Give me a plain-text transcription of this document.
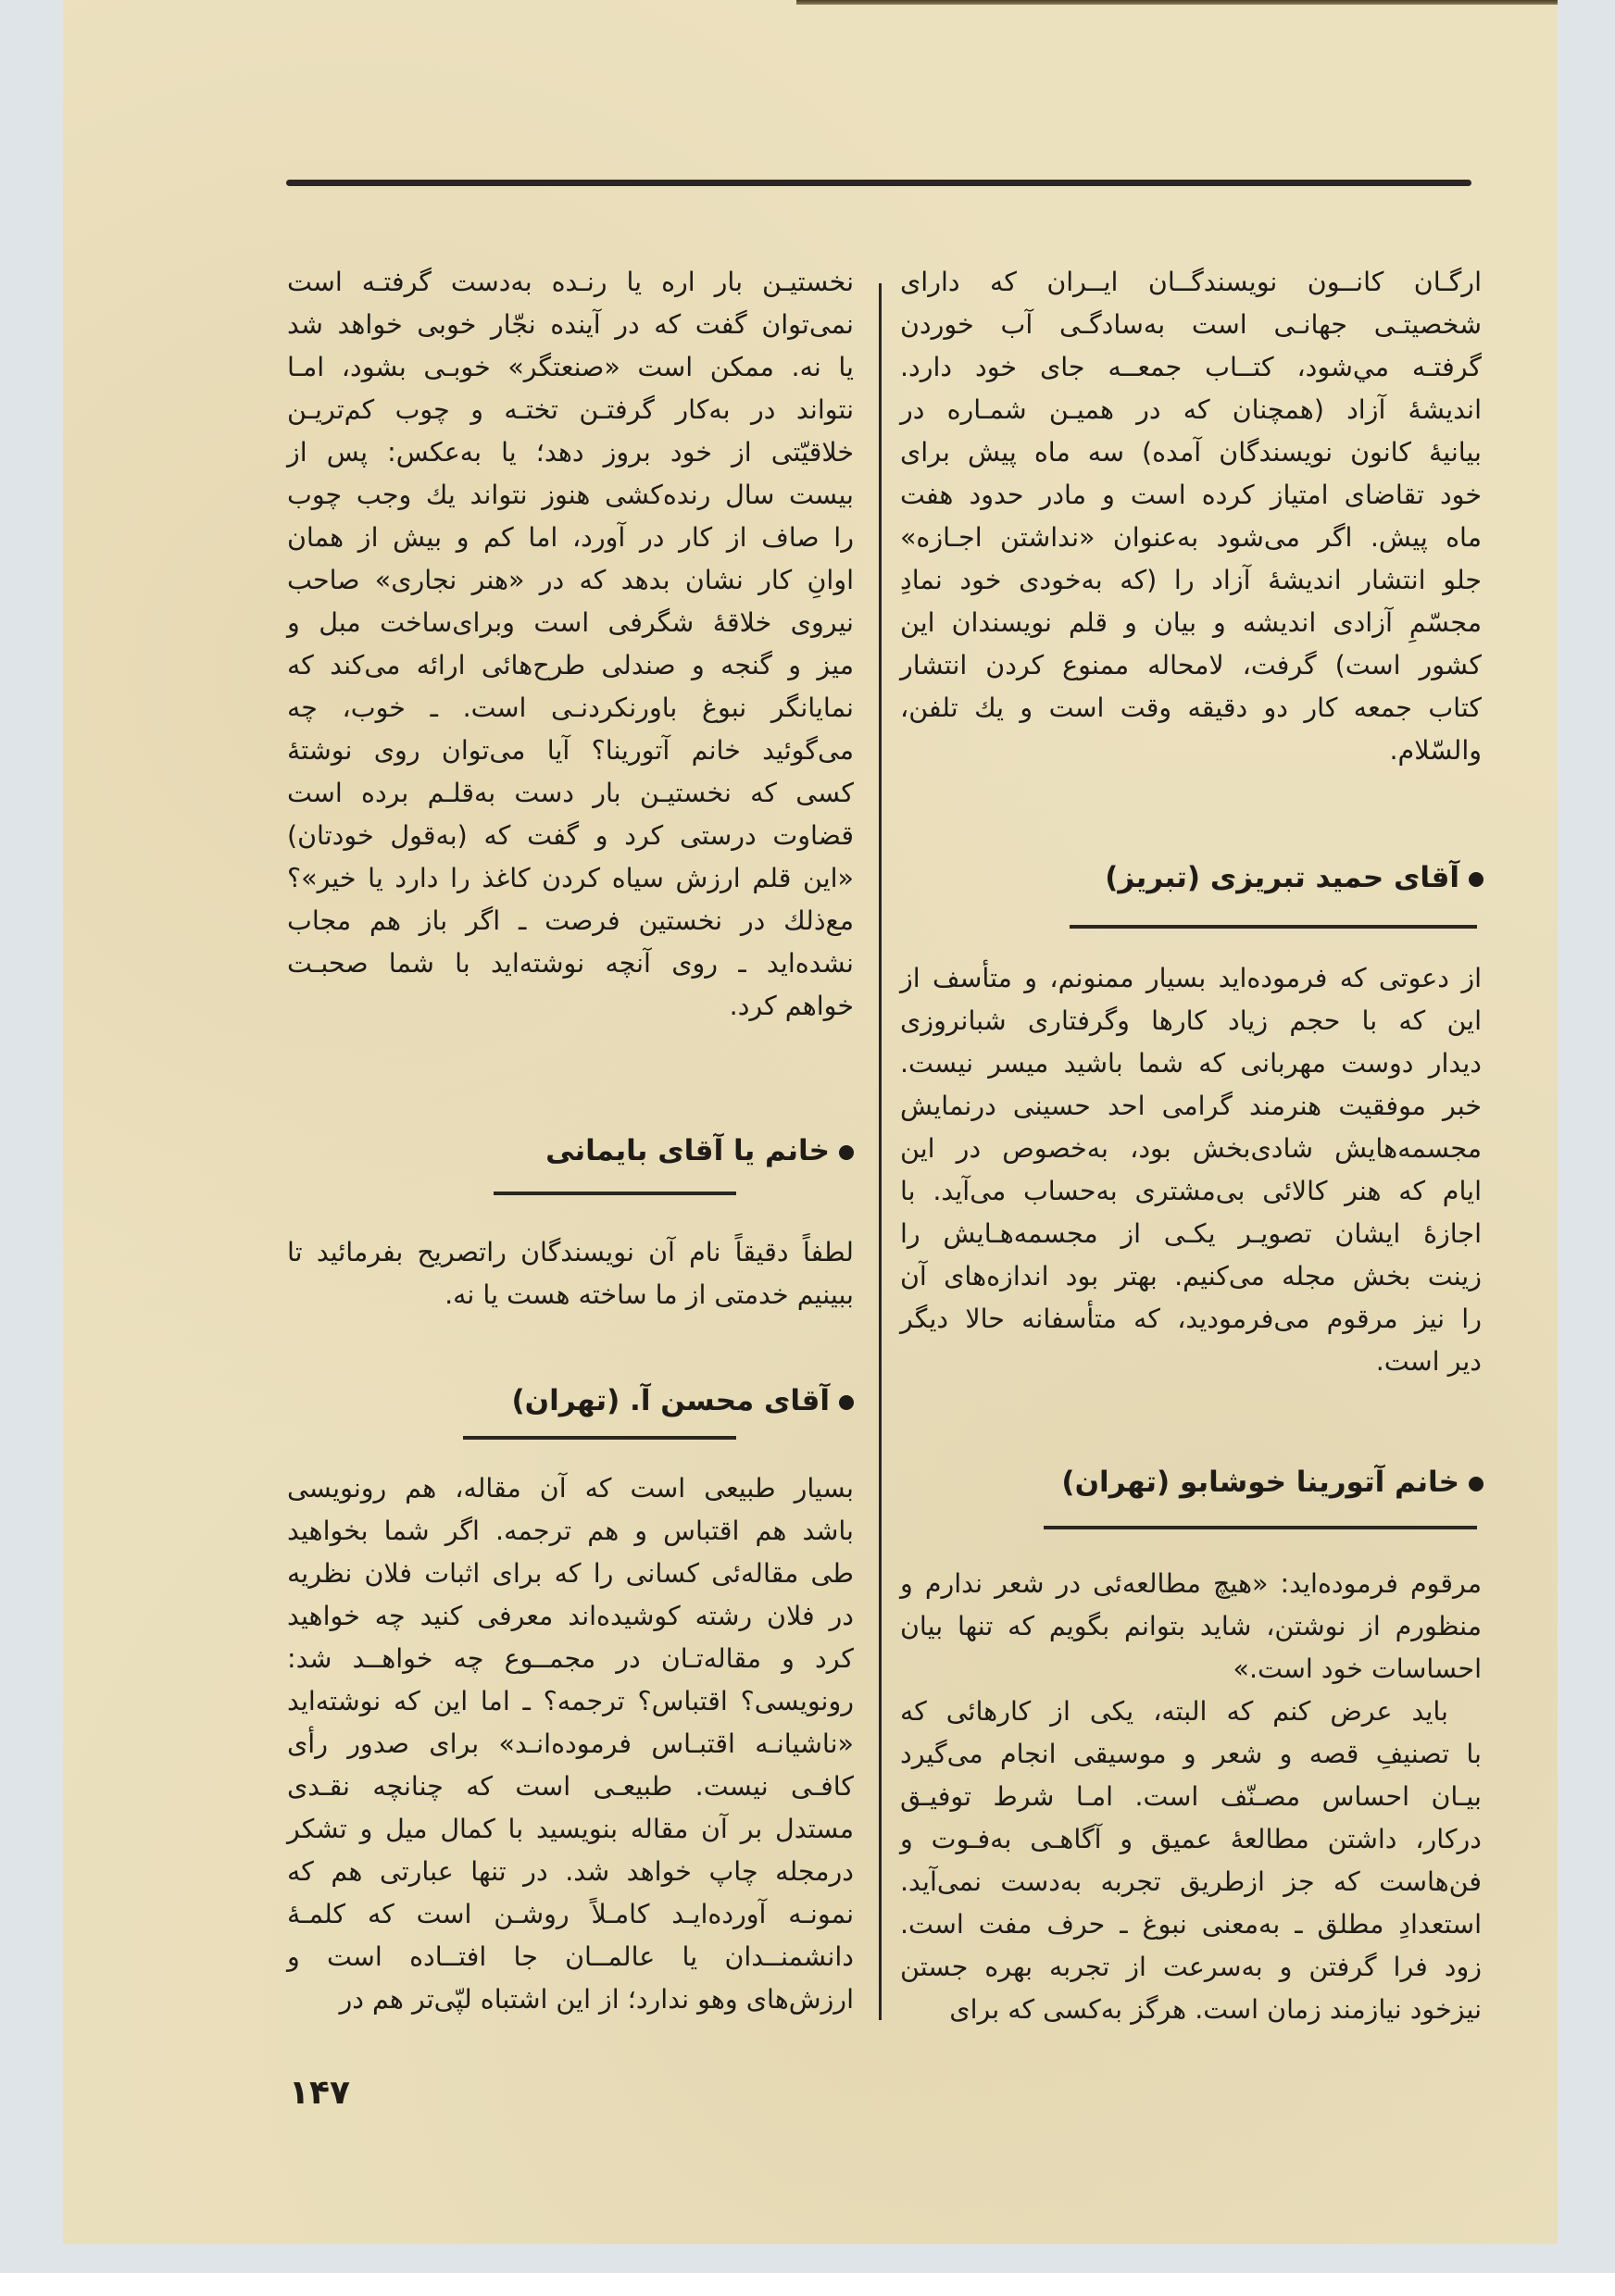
ارگـان کانــون نویسندگــان ایــران که دارای
شخصیتـی جهانـی است به‌سادگـی آب خوردن
گرفتـه مي‌شود، کتــاب جمعــه جای خود دارد.
اندیشهٔ آزاد (همچنان که در همیـن شمـاره در
بیانیهٔ کانون نویسندگان آمده) سه ماه پیش برای
خود تقاضای امتیاز کرده است و مادر حدود هفت
ماه پیش. اگر می‌شود به‌عنوان «نداشتن اجـازه»
جلو انتشار اندیشهٔ آزاد را (که به‌خودی خود نمادِ
مجسّمِ آزادی اندیشه و بیان و قلم نویسندان این
کشور است) گرفت، لامحاله ممنوع کردن انتشار
کتاب جمعه کار دو دقیقه وقت است و یك تلفن،
والسّلام.
آقای حمید تبریزی (تبریز)
از دعوتی که فرموده‌اید بسیار ممنونم، و متأسف از
این که با حجم زیاد کارها وگرفتاری شبانروزی
دیدار دوست مهربانی که شما باشید میسر نیست.
خبر موفقیت هنرمند گرامی احد حسینی درنمایش
مجسمه‌هایش شادی‌بخش بود، به‌خصوص در این
ایام که هنر کالائی بی‌مشتری به‌حساب می‌آید. با
اجازهٔ ایشان تصویـر یکـی از مجسمه‌هـایش را
زینت بخش مجله می‌کنیم. بهتر بود اندازه‌های آن
را نیز مرقوم می‌فرمودید، که متأسفانه حالا دیگر
دیر است.
خانم آتورینا خوشابو (تهران)
مرقوم فرموده‌اید: «هیچ مطالعه‌ئی در شعر ندارم و
منظورم از نوشتن، شاید بتوانم بگویم که تنها بیان
احساسات خود است.»
باید عرض کنم که البته، یکی از کارهائی که
با تصنیفِ قصه و شعر و موسیقی انجام می‌گیرد
بیـان احساس مصـنّف است. امـا شرط توفیـق
درکار، داشتن مطالعهٔ عمیق و آگاهـی به‌فـوت و
فن‌هاست که جز ازطریق تجربه به‌دست نمی‌آید.
استعدادِ مطلق ـ به‌معنی نبوغ ـ حرف مفت است.
زود فرا گرفتن و به‌سرعت از تجربه بهره جستن
نیزخود نیازمند زمان است. هرگز به‌کسی که برای
نخستیـن بار اره یا رنـده به‌دست گرفتـه است
نمی‌توان گفت که در آینده نجّار خوبی خواهد شد
یا نه. ممکن است «صنعتگر» خوبـی بشود، امـا
نتواند در به‌کار گرفتـن تختـه و چوب کم‌تریـن
خلاقیّتی از خود بروز دهد؛ یا به‌عکس: پس از
بیست سال رنده‌کشی هنوز نتواند یك وجب چوب
را صاف از کار در آورد، اما کم و بیش از همان
اوانِ کار نشان بدهد که در «هنر نجاری» صاحب
نیروی خلاقهٔ شگرفی است وبرای‌ساخت مبل و
میز و گنجه و صندلی طرح‌هائی ارائه می‌کند که
نمایانگر نبوغ باورنکردنـی است. ـ خوب، چه
می‌گوئید خانم آتورینا؟ آیا می‌توان روی نوشتهٔ
کسی که نخستیـن بار دست به‌قلـم برده است
قضاوت درستی کرد و گفت که (به‌قول خودتان)
«این قلم ارزش سیاه کردن کاغذ را دارد یا خیر»؟
مع‌ذلك در نخستین فرصت ـ اگر باز هم مجاب
نشده‌اید ـ روی آنچه نوشته‌اید با شما صحبـت
خواهم کرد.
خانم یا آقای بایمانی
لطفاً دقیقاً نام آن نویسندگان راتصریح بفرمائید تا
ببینیم خدمتی از ما ساخته هست یا نه.
آقای محسن آ. (تهران)
بسیار طبیعی است که آن مقاله، هم رونویسی
باشد هم اقتباس و هم ترجمه. اگر شما بخواهید
طی مقاله‌ئی کسانی را که برای اثبات فلان نظریه
در فلان رشته کوشیده‌اند معرفی کنید چه خواهید
کرد و مقاله‌تـان در مجمــوع چه خواهــد شد:
رونویسی؟ اقتباس؟ ترجمه؟ ـ اما این که نوشته‌اید
«ناشیانـه اقتبـاس فرموده‌انـد» برای صدور رأی
کافـی نیست. طبیعـی است که چنانچه نقـدی
مستدل بر آن مقاله بنویسید با کمال میل و تشکر
درمجله چاپ خواهد شد. در تنها عبارتی هم که
نمونـه آورده‌ایـد کامـلاً روشـن است که کلمـهٔ
دانشمنــدان یا عالمــان جا افتــاده است و
ارزش‌های وهو ندارد؛ از این اشتباه لپّی‌تر هم در
۱۴۷
